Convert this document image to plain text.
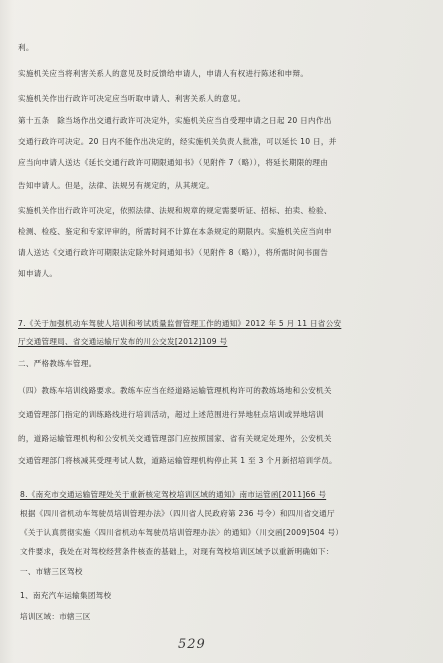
利。
实施机关应当将利害关系人的意见及时反馈给申请人，申请人有权进行陈述和申辩。
实施机关作出行政许可决定应当听取申请人、利害关系人的意见。
第十五条　除当场作出交通行政许可决定外，实施机关应当自受理申请之日起 20 日内作出
交通行政许可决定。20 日内不能作出决定的，经实施机关负责人批准，可以延长 10 日，并
应当向申请人送达《延长交通行政许可期限通知书》（见附件 7（略）），将延长期限的理由
告知申请人。但是，法律、法规另有规定的，从其规定。
实施机关作出行政许可决定，依照法律、法规和规章的规定需要听证、招标、拍卖、检验、
检测、检疫、鉴定和专家评审的，所需时间不计算在本条规定的期限内。实施机关应当向申
请人送达《交通行政许可期限法定除外时间通知书》（见附件 8（略）），将所需时间书面告
知申请人。
7.《关于加强机动车驾驶人培训和考试质量监督管理工作的通知》2012 年 5 月 11 日省公安
厅交通管理局、省交通运输厅发布的川公交发[2012]109 号
二、严格教练车管理。
（四）教练车培训线路要求。教练车应当在经道路运输管理机构许可的教练场地和公安机关
交通管理部门指定的训练路线进行培训活动，超过上述范围进行异地驻点培训或异地培训
的，道路运输管理机构和公安机关交通管理部门应按照国家、省有关规定处理外，公安机关
交通管理部门将核减其受理考试人数，道路运输管理机构停止其 1 至 3 个月新招培训学员。
8.《南充市交通运输管理处关于重新核定驾校培训区域的通知》南市运管函[2011]66 号
根据《四川省机动车驾驶员培训管理办法》（四川省人民政府第 236 号令）和四川省交通厅
《关于认真贯彻实施〈四川省机动车驾驶员培训管理办法〉的通知》（川交函[2009]504 号）
文件要求，我处在对驾校经营条件核查的基础上，对现有驾校培训区域予以重新明确如下：
一、市辖三区驾校
1、南充汽车运输集团驾校
培训区域：市辖三区
529
